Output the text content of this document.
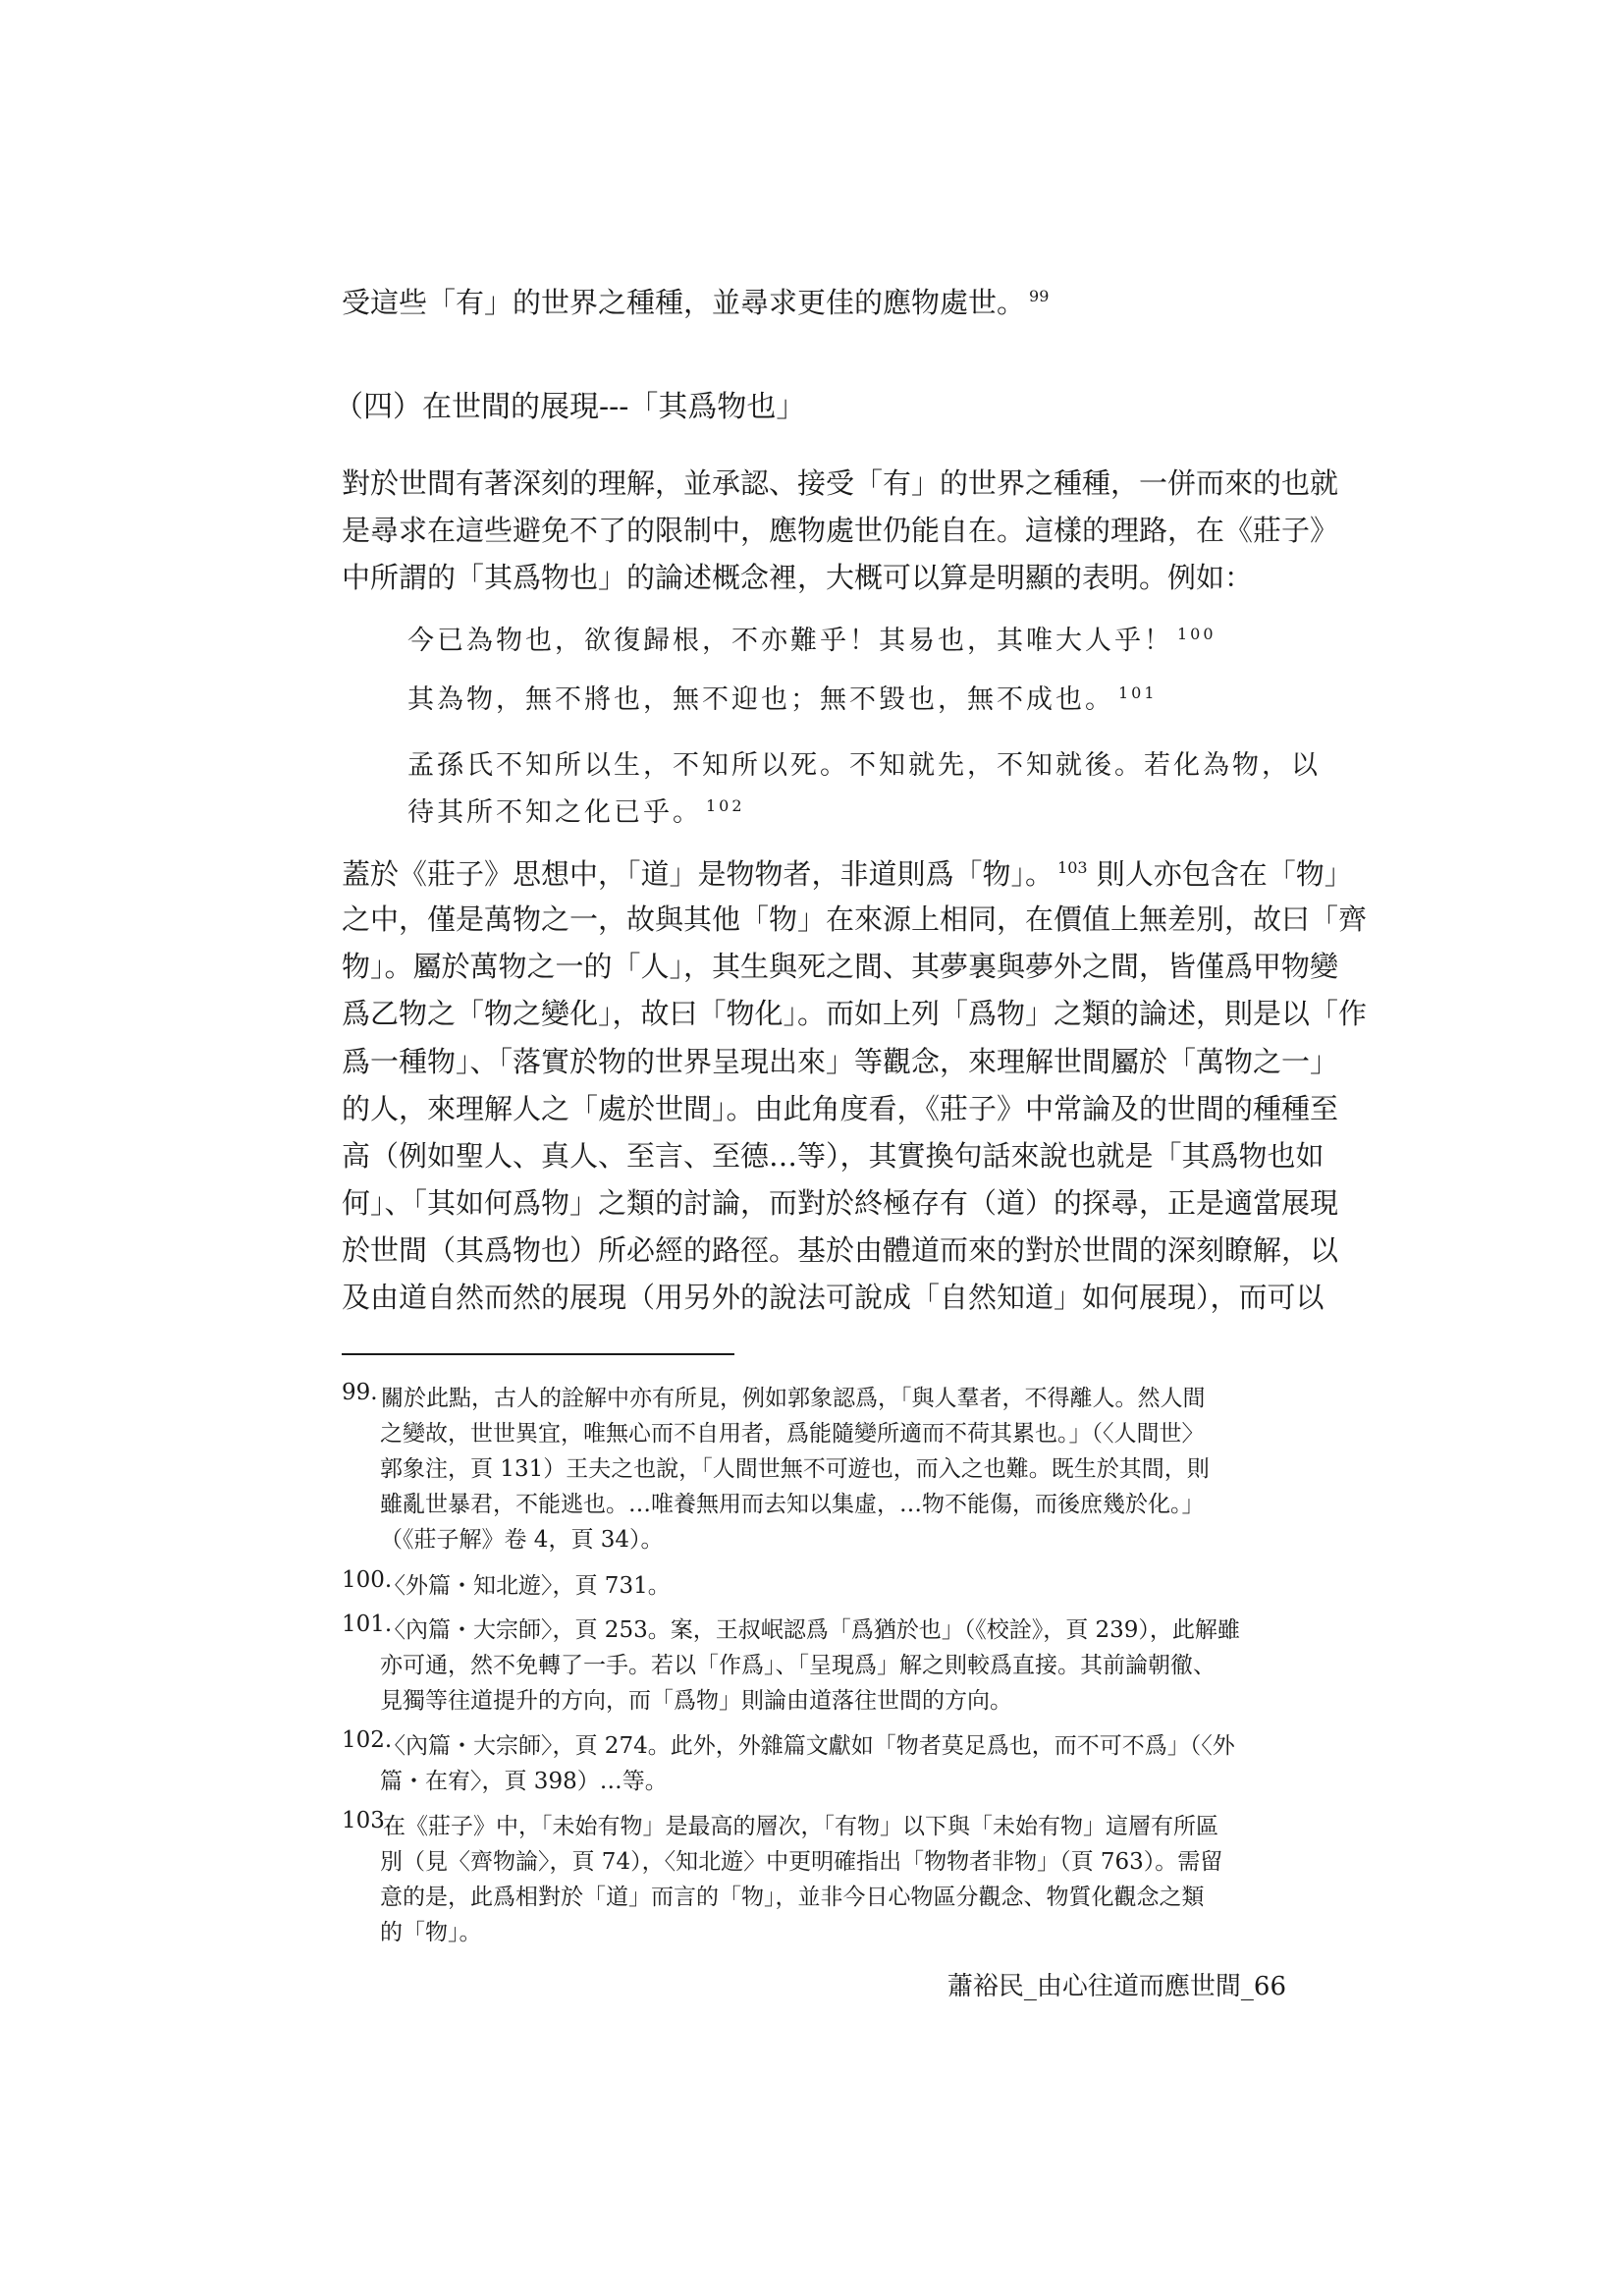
受這些「有」的世界之種種，並尋求更佳的應物處世。 $^{99}$
（四）在世間的展現---「其爲物也」
對於世間有著深刻的理解，並承認、接受「有」的世界之種種，一併而來的也就
是尋求在這些避免不了的限制中，應物處世仍能自在。這樣的理路，在《莊子》
中所謂的「其爲物也」的論述概念裡，大概可以算是明顯的表明。例如：
今已為物也，欲復歸根，不亦難乎！其易也，其唯大人乎！ $^{100}$
其為物，無不將也，無不迎也；無不毀也，無不成也。 $^{101}$
孟孫氏不知所以生，不知所以死。不知就先，不知就後。若化為物，以
待其所不知之化已乎。 $^{102}$
蓋於《莊子》思想中，「道」是物物者，非道則爲「物」。 $^{103}$ 則人亦包含在「物」
之中，僅是萬物之一，故與其他「物」在來源上相同，在價值上無差別，故曰「齊
物」。屬於萬物之一的「人」，其生與死之間、其夢裏與夢外之間，皆僅爲甲物變
爲乙物之「物之變化」，故曰「物化」。而如上列「爲物」之類的論述，則是以「作
爲一種物」、「落實於物的世界呈現出來」等觀念，來理解世間屬於「萬物之一」
的人，來理解人之「處於世間」。由此角度看，《莊子》中常論及的世間的種種至
高（例如聖人、真人、至言、至德…等），其實換句話來說也就是「其爲物也如
何」、「其如何爲物」之類的討論，而對於終極存有（道）的探尋，正是適當展現
於世間（其爲物也）所必經的路徑。基於由體道而來的對於世間的深刻瞭解，以
及由道自然而然的展現（用另外的說法可說成「自然知道」如何展現），而可以
99. 關於此點，古人的詮解中亦有所見，例如郭象認爲，「與人羣者，不得離人。然人間
之變故，世世異宜，唯無心而不自用者，爲能隨變所適而不荷其累也。」（〈人間世〉
郭象注，頁 131）王夫之也說，「人間世無不可遊也，而入之也難。既生於其間，則
雖亂世暴君，不能逃也。…唯養無用而去知以集虛，…物不能傷，而後庶幾於化。」
（《莊子解》卷 4，頁 34）。
100.
〈外篇・知北遊〉，頁 731。
101.
〈內篇・大宗師〉，頁 253。案，王叔岷認爲「爲猶於也」（《校詮》，頁 239），此解雖
亦可通，然不免轉了一手。若以「作爲」、「呈現爲」解之則較爲直接。其前論朝徹、
見獨等往道提升的方向，而「爲物」則論由道落往世間的方向。
102.
〈內篇・大宗師〉，頁 274。此外，外雜篇文獻如「物者莫足爲也，而不可不爲」（〈外
篇・在宥〉，頁 398）…等。
103.
在《莊子》中，「未始有物」是最高的層次，「有物」以下與「未始有物」這層有所區
別（見〈齊物論〉，頁 74），〈知北遊〉中更明確指出「物物者非物」（頁 763）。需留
意的是，此爲相對於「道」而言的「物」，並非今日心物區分觀念、物質化觀念之類
的「物」。
蕭裕民_由心往道而應世間_66
